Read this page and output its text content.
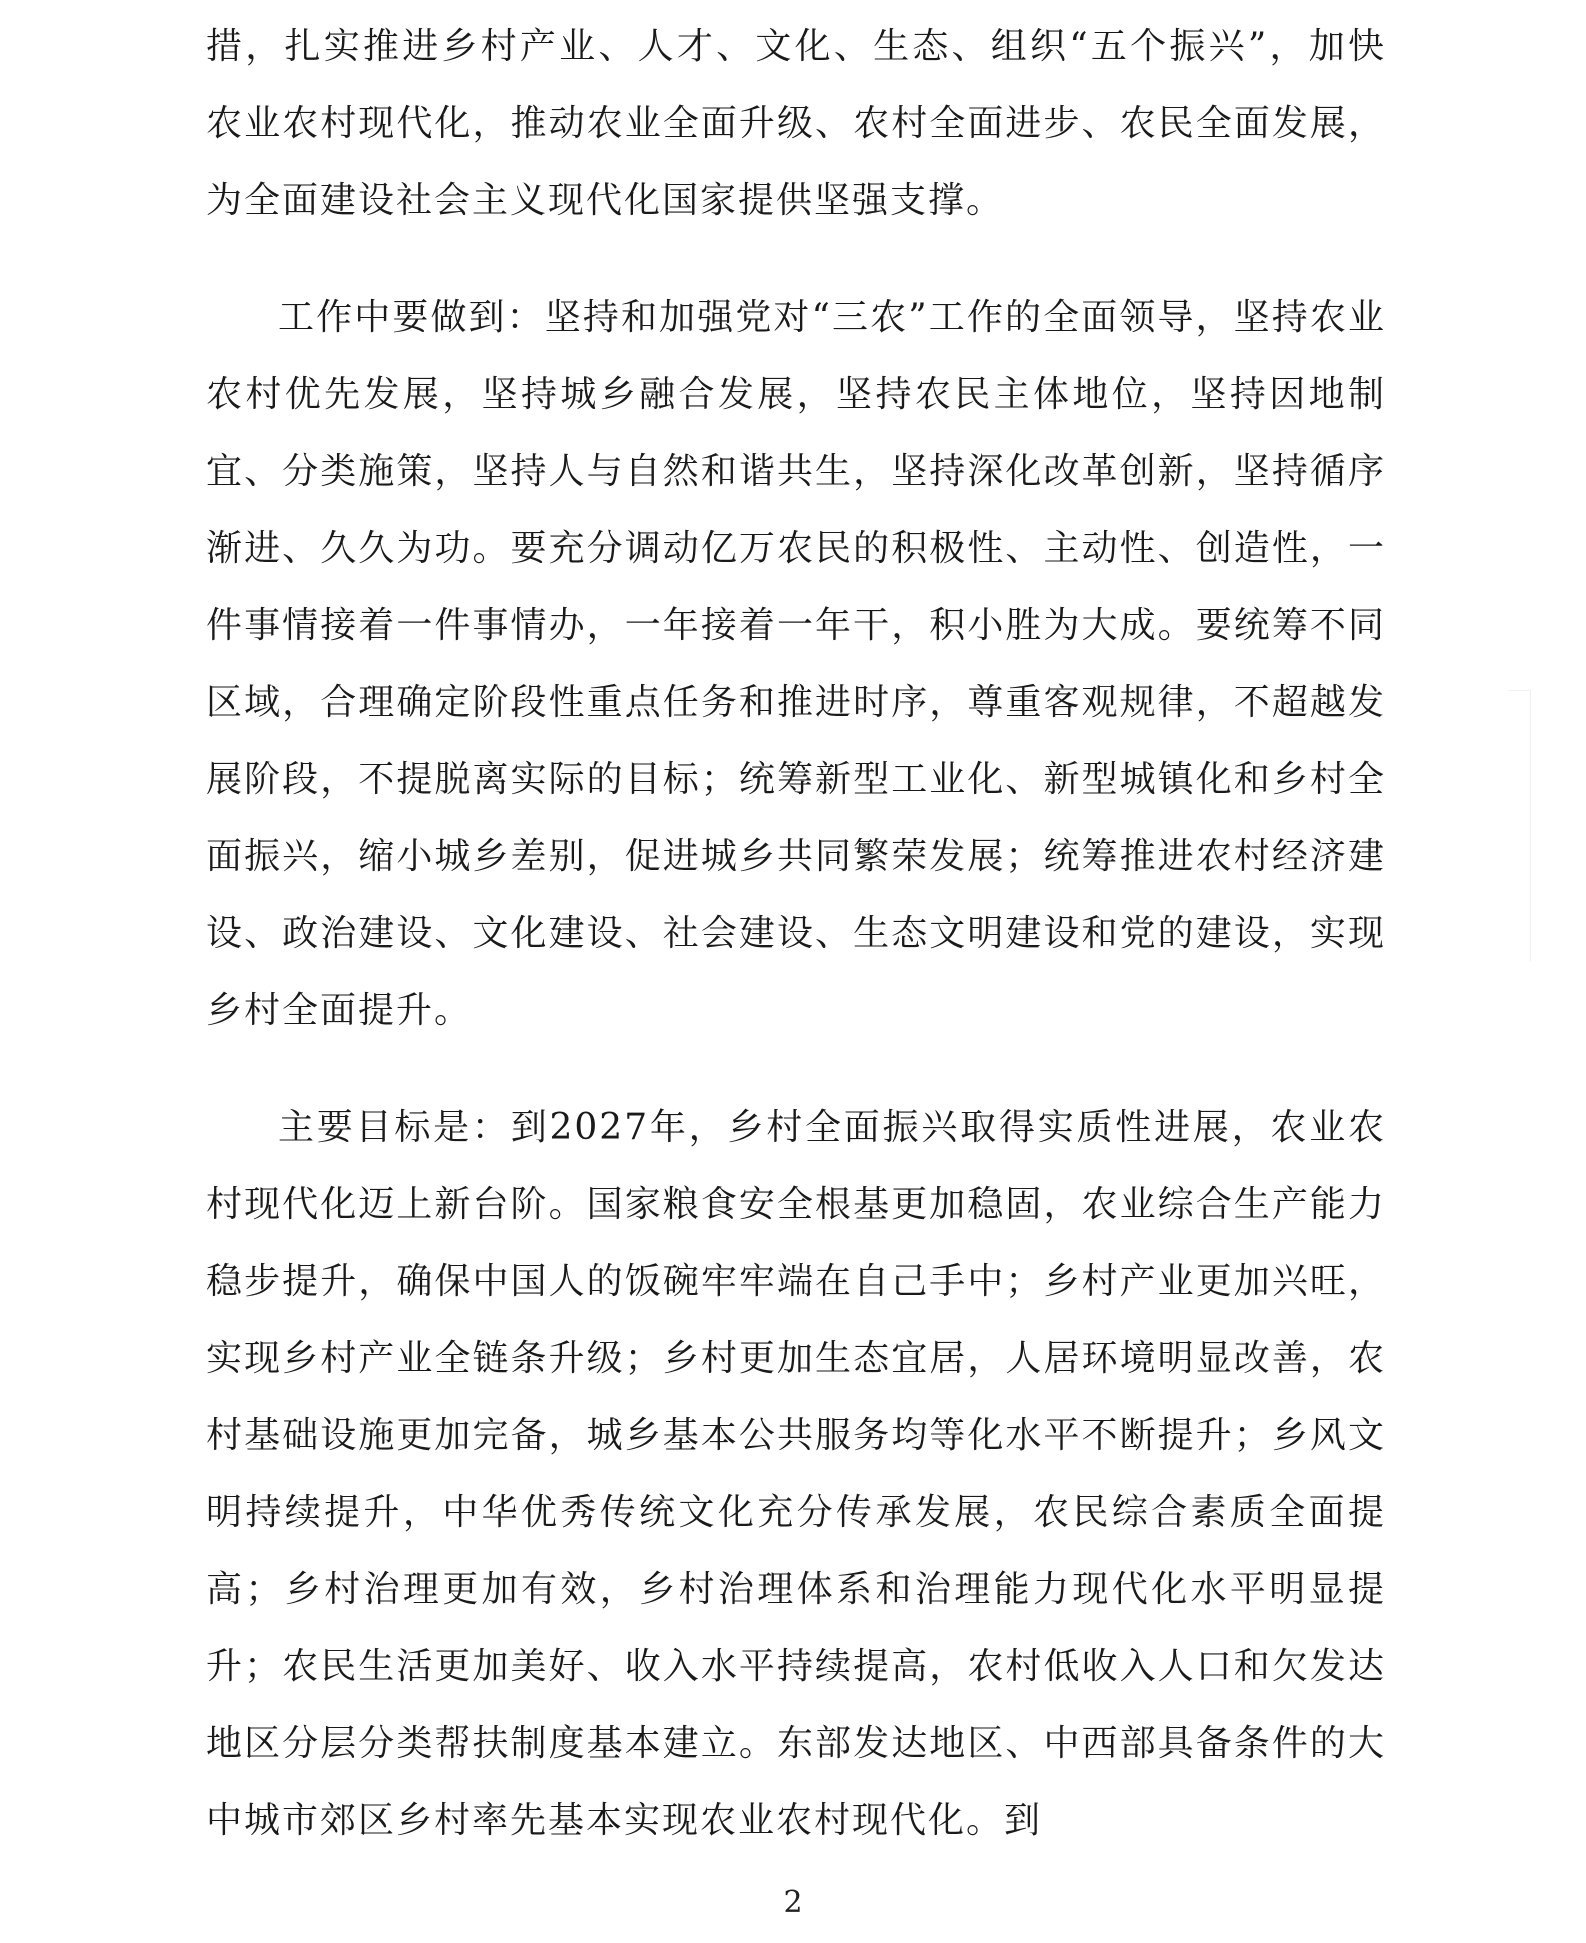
措，扎实推进乡村产业、人才、文化、生态、组织“五个振兴”，加快农业农村现代化，推动农业全面升级、农村全面进步、农民全面发展，为全面建设社会主义现代化国家提供坚强支撑。

工作中要做到：坚持和加强党对“三农”工作的全面领导，坚持农业农村优先发展，坚持城乡融合发展，坚持农民主体地位，坚持因地制宜、分类施策，坚持人与自然和谐共生，坚持深化改革创新，坚持循序渐进、久久为功。要充分调动亿万农民的积极性、主动性、创造性，一件事情接着一件事情办，一年接着一年干，积小胜为大成。要统筹不同区域，合理确定阶段性重点任务和推进时序，尊重客观规律，不超越发展阶段，不提脱离实际的目标；统筹新型工业化、新型城镇化和乡村全面振兴，缩小城乡差别，促进城乡共同繁荣发展；统筹推进农村经济建设、政治建设、文化建设、社会建设、生态文明建设和党的建设，实现乡村全面提升。

主要目标是：到2027年，乡村全面振兴取得实质性进展，农业农村现代化迈上新台阶。国家粮食安全根基更加稳固，农业综合生产能力稳步提升，确保中国人的饭碗牢牢端在自己手中；乡村产业更加兴旺，实现乡村产业全链条升级；乡村更加生态宜居，人居环境明显改善，农村基础设施更加完备，城乡基本公共服务均等化水平不断提升；乡风文明持续提升，中华优秀传统文化充分传承发展，农民综合素质全面提高；乡村治理更加有效，乡村治理体系和治理能力现代化水平明显提升；农民生活更加美好、收入水平持续提高，农村低收入人口和欠发达地区分层分类帮扶制度基本建立。东部发达地区、中西部具备条件的大中城市郊区乡村率先基本实现农业农村现代化。到

2
